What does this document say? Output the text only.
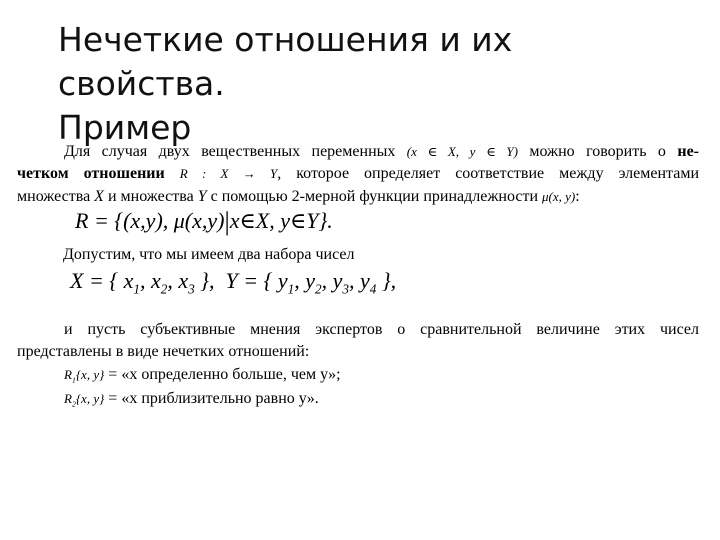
Нечеткие отношения и их свойства.
Пример
Для случая двух вещественных переменных (x ∈ X, y ∈ Y) можно говорить о не-
четком отношении R : X → Y, которое определяет соответствие между элементами
множества X и множества Y с помощью 2-мерной функции принадлежности μ(x, y):
R = {(x,y), μ(x,y)|x∈X, y∈Y}.
Допустим, что мы имеем два набора чисел
X = { $x_1$, $x_2$, $x_3$ }, Y = { $y_1$, $y_2$, $y_3$, $y_4$ },
и пусть субъективные мнения экспертов о сравнительной величине этих чисел
представлены в виде нечетких отношений:
$R_1\{x$, y} = «x определенно больше, чем y»;
$R_2\{x$, y} = «x приблизительно равно y».
